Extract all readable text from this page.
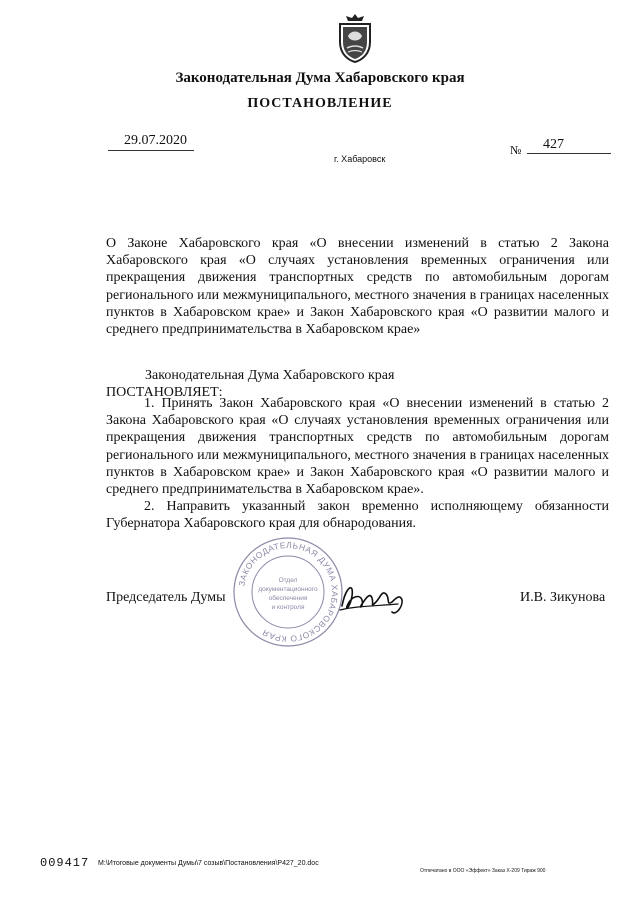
Законодательная Дума Хабаровского края
ПОСТАНОВЛЕНИЕ
29.07.2020
г. Хабаровск
№ 427
О Законе Хабаровского края «О внесении изменений в статью 2 Закона Хабаровского края «О случаях установления временных ограничения или прекращения движения транспортных средств по автомобильным дорогам регионального или межмуниципального, местного значения в границах населенных пунктов в Хабаровском крае» и Закон Хабаровского края «О развитии малого и среднего предпринимательства в Хабаровском крае»
Законодательная Дума Хабаровского края
ПОСТАНОВЛЯЕТ:

1. Принять Закон Хабаровского края «О внесении изменений в статью 2 Закона Хабаровского края «О случаях установления временных ограничения или прекращения движения транспортных средств по автомобильным дорогам регионального или межмуниципального, местного значения в границах населенных пунктов в Хабаровском крае» и Закон Хабаровского края «О развитии малого и среднего предпринимательства в Хабаровском крае».

2. Направить указанный закон временно исполняющему обязанности Губернатора Хабаровского края для обнародования.

ЗАКОНОДАТЕЛЬНАЯ ДУМА ХАБАРОВСКОГО КРАЯ
Отдел
документационного
обеспечения
и контроля
Председатель Думы	И.В. Зикунова
009417 M:\Итоговые документы Думы\7 созыв\Постановления\P427_20.doc
Отпечатано в ООО «Эффект» Заказ Х-209 Тираж 900
